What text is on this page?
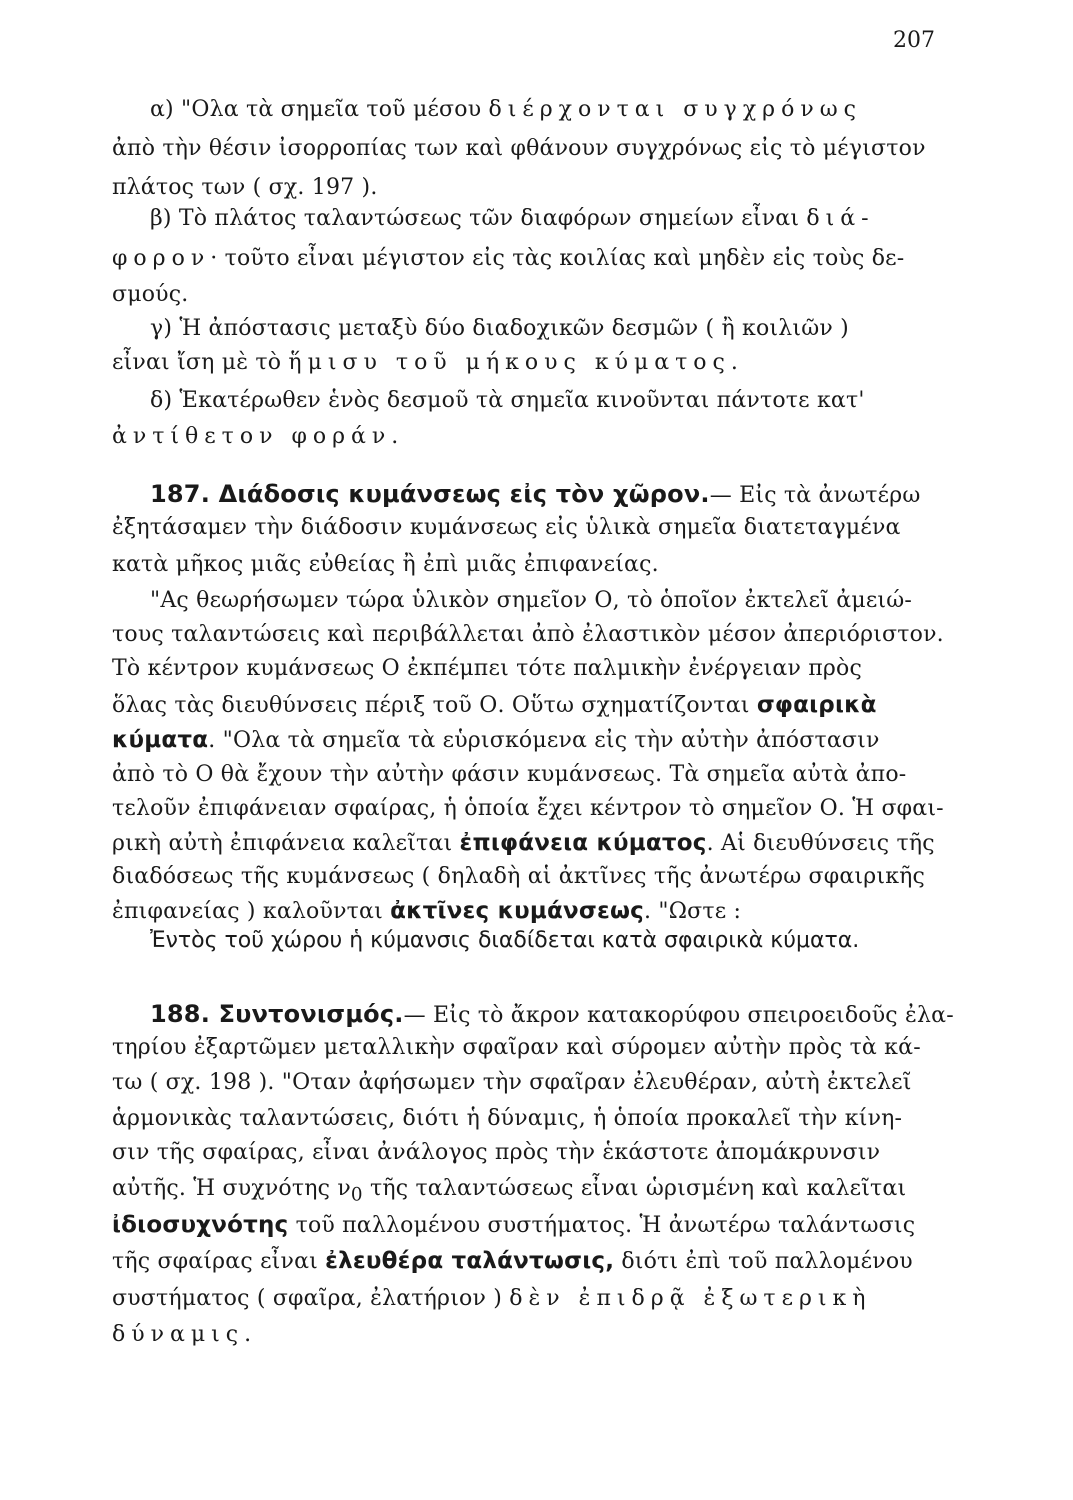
207
α) "Ολα τὰ σημεῖα τοῦ μέσου διέρχονται συγχρόνως
ἀπὸ τὴν θέσιν ἰσορροπίας των καὶ φθάνουν συγχρόνως εἰς τὸ μέγιστον
πλάτος των ( σχ. 197 ).
β) Τὸ πλάτος ταλαντώσεως τῶν διαφόρων σημείων εἶναι διά-
φορον· τοῦτο εἶναι μέγιστον εἰς τὰς κοιλίας καὶ μηδὲν εἰς τοὺς δε-
σμούς.
γ) Ἡ ἀπόστασις μεταξὺ δύο διαδοχικῶν δεσμῶν ( ἢ κοιλιῶν )
εἶναι ἴση μὲ τὸ ἥμισυ τοῦ μήκους κύματος.
δ) Ἑκατέρωθεν ἑνὸς δεσμοῦ τὰ σημεῖα κινοῦνται πάντοτε κατ'
ἀντίθετον φοράν.
187. Διάδοσις κυμάνσεως εἰς τὸν χῶρον.— Εἰς τὰ ἀνωτέρω
ἐξητάσαμεν τὴν διάδοσιν κυμάνσεως εἰς ὑλικὰ σημεῖα διατεταγμένα
κατὰ μῆκος μιᾶς εὐθείας ἢ ἐπὶ μιᾶς ἐπιφανείας.
"Ας θεωρήσωμεν τώρα ὑλικὸν σημεῖον Ο, τὸ ὁποῖον ἐκτελεῖ ἀμειώ-
τους ταλαντώσεις καὶ περιβάλλεται ἀπὸ ἐλαστικὸν μέσον ἀπεριόριστον.
Τὸ κέντρον κυμάνσεως Ο ἐκπέμπει τότε παλμικὴν ἐνέργειαν πρὸς
ὅλας τὰς διευθύνσεις πέριξ τοῦ Ο. Οὕτω σχηματίζονται σφαιρικὰ
κύματα. "Ολα τὰ σημεῖα τὰ εὑρισκόμενα εἰς τὴν αὐτὴν ἀπόστασιν
ἀπὸ τὸ Ο θὰ ἔχουν τὴν αὐτὴν φάσιν κυμάνσεως. Τὰ σημεῖα αὐτὰ ἀπο-
τελοῦν ἐπιφάνειαν σφαίρας, ἡ ὁποία ἔχει κέντρον τὸ σημεῖον Ο. Ἡ σφαι-
ρικὴ αὐτὴ ἐπιφάνεια καλεῖται ἐπιφάνεια κύματος. Αἱ διευθύνσεις τῆς
διαδόσεως τῆς κυμάνσεως ( δηλαδὴ αἱ ἀκτῖνες τῆς ἀνωτέρω σφαιρικῆς
ἐπιφανείας ) καλοῦνται ἀκτῖνες κυμάνσεως. "Ωστε :
Ἐντὸς τοῦ χώρου ἡ κύμανσις διαδίδεται κατὰ σφαιρικὰ κύματα.
188. Συντονισμός.— Εἰς τὸ ἄκρον κατακορύφου σπειροειδοῦς ἐλα-
τηρίου ἐξαρτῶμεν μεταλλικὴν σφαῖραν καὶ σύρομεν αὐτὴν πρὸς τὰ κά-
τω ( σχ. 198 ). "Οταν ἀφήσωμεν τὴν σφαῖραν ἐλευθέραν, αὐτὴ ἐκτελεῖ
ἁρμονικὰς ταλαντώσεις, διότι ἡ δύναμις, ἡ ὁποία προκαλεῖ τὴν κίνη-
σιν τῆς σφαίρας, εἶναι ἀνάλογος πρὸς τὴν ἑκάστοτε ἀπομάκρυνσιν
αὐτῆς. Ἡ συχνότης $\nu_0$ τῆς ταλαντώσεως εἶναι ὡρισμένη καὶ καλεῖται
ἰδιοσυχνότης τοῦ παλλομένου συστήματος. Ἡ ἀνωτέρω ταλάντωσις
τῆς σφαίρας εἶναι ἐλευθέρα ταλάντωσις, διότι ἐπὶ τοῦ παλλομένου
συστήματος ( σφαῖρα, ἐλατήριον ) δὲν ἐπιδρᾷ ἐξωτερικὴ
δύναμις.
